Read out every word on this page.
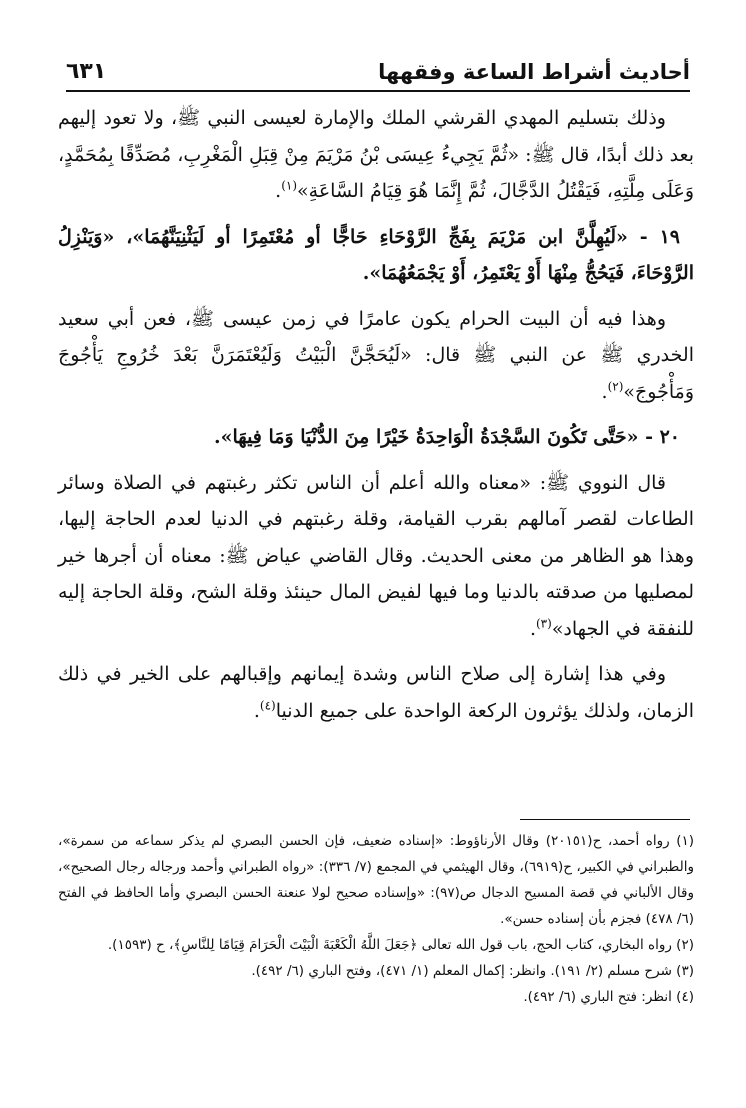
أحاديث أشراط الساعة وفقهها
٦٣١

وذلك بتسليم المهدي القرشي الملك والإمارة لعيسى النبي ﷺ، ولا تعود إليهم بعد ذلك أبدًا، قال ﷺ: «ثُمَّ يَجِيءُ عِيسَى بْنُ مَرْيَمَ مِنْ قِبَلِ الْمَغْرِبِ، مُصَدِّقًا بِمُحَمَّدٍ، وَعَلَى مِلَّتِهِ، فَيَقْتُلُ الدَّجَّالَ، ثُمَّ إِنَّمَا هُوَ قِيَامُ السَّاعَةِ»$^{(١)}$.

١٩ - «لَيُهِلَّنَّ ابن مَرْيَمَ بِفَجِّ الرَّوْحَاءِ حَاجًّا أو مُعْتَمِرًا أو لَيَثْنِيَنَّهُمَا»، «وَيَنْزِلُ الرَّوْحَاءَ، فَيَحُجُّ مِنْهَا أَوْ يَعْتَمِرُ، أَوْ يَجْمَعُهُمَا».

وهذا فيه أن البيت الحرام يكون عامرًا في زمن عيسى ﷺ، فعن أبي سعيد الخدري ﷺ عن النبي ﷺ قال: «لَيُحَجَّنَّ الْبَيْتُ وَلَيُعْتَمَرَنَّ بَعْدَ خُرُوجِ يَأْجُوجَ وَمَأْجُوجَ»$^{(٢)}$.

٢٠ - «حَتَّى تَكُونَ السَّجْدَةُ الْوَاحِدَةُ خَيْرًا مِنَ الدُّنْيَا وَمَا فِيهَا».

قال النووي ﷺ: «معناه والله أعلم أن الناس تكثر رغبتهم في الصلاة وسائر الطاعات لقصر آمالهم بقرب القيامة، وقلة رغبتهم في الدنيا لعدم الحاجة إليها، وهذا هو الظاهر من معنى الحديث. وقال القاضي عياض ﷺ: معناه أن أجرها خير لمصليها من صدقته بالدنيا وما فيها لفيض المال حينئذ وقلة الشح، وقلة الحاجة إليه للنفقة في الجهاد»$^{(٣)}$.

وفي هذا إشارة إلى صلاح الناس وشدة إيمانهم وإقبالهم على الخير في ذلك الزمان، ولذلك يؤثرون الركعة الواحدة على جميع الدنيا$^{(٤)}$.

(١) رواه أحمد، ح(٢٠١٥١) وقال الأرناؤوط: «إسناده ضعيف، فإن الحسن البصري لم يذكر سماعه من سمرة»، والطبراني في الكبير، ح(٦٩١٩)، وقال الهيثمي في المجمع (٧/ ٣٣٦): «رواه الطبراني وأحمد ورجاله رجال الصحيح»، وقال الألباني في قصة المسيح الدجال ص(٩٧): «وإسناده صحيح لولا عنعنة الحسن البصري وأما الحافظ في الفتح (٦/ ٤٧٨) فجزم بأن إسناده حسن».

(٢) رواه البخاري، كتاب الحج، باب قول الله تعالى ﴿جَعَلَ اللَّهُ الْكَعْبَةَ الْبَيْتَ الْحَرَامَ قِيَامًا لِلنَّاسِ﴾، ح (١٥٩٣).

(٣) شرح مسلم (٢/ ١٩١). وانظر: إكمال المعلم (١/ ٤٧١)، وفتح الباري (٦/ ٤٩٢).

(٤) انظر: فتح الباري (٦/ ٤٩٢).
